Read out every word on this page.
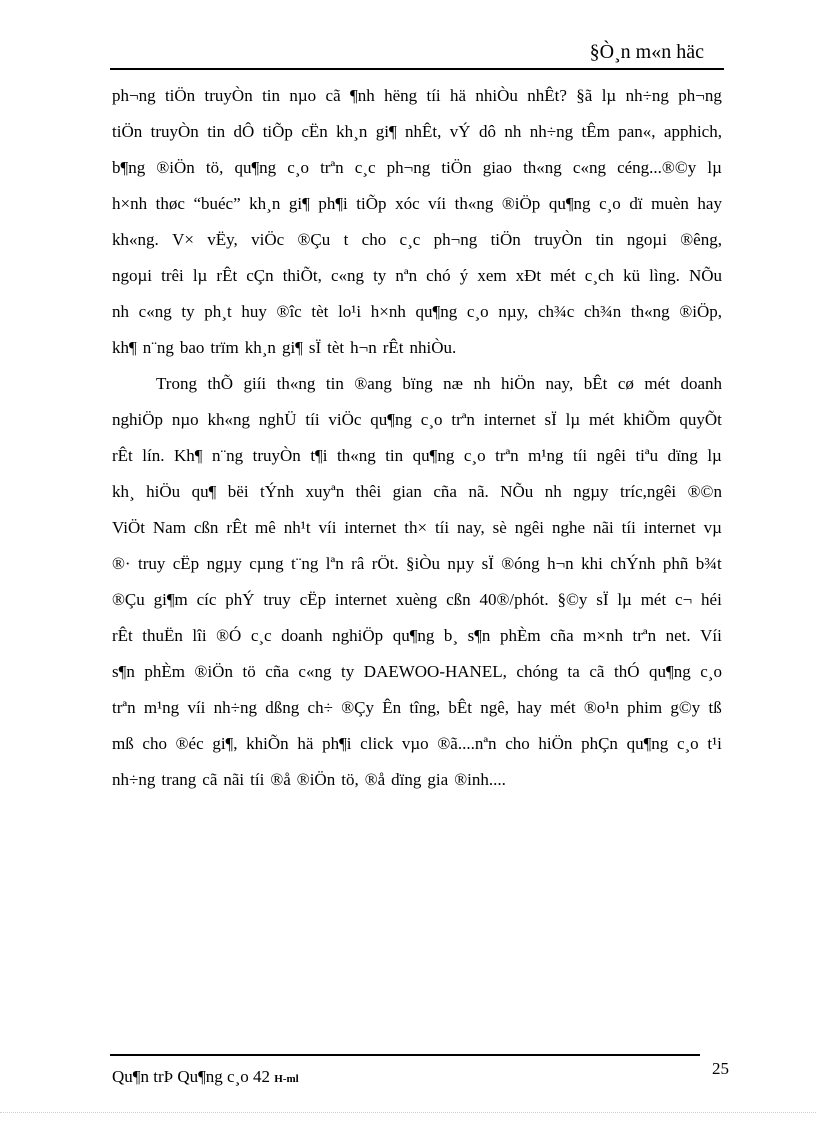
§Ò¸n m«n häc
ph¬ng tiÖn truyÒn tin nµo cã ¶nh hëng tíi hä nhiÒu nhÊt? §ã lµ nh÷ng ph¬ng
tiÖn truyÒn tin dÔ tiÕp cËn kh¸n gi¶ nhÊt, vÝ dô nh nh÷ng tÊm pan«, apphich,
b¶ng ®iÖn tö, qu¶ng c¸o trªn c¸c ph¬ng tiÖn giao th«ng c«ng céng...®©y lµ
h×nh thøc “buéc” kh¸n gi¶ ph¶i tiÕp xóc víi th«ng ®iÖp qu¶ng c¸o dï muèn hay
kh«ng. V× vËy, viÖc ®Çu t cho c¸c ph¬ng tiÖn truyÒn tin ngoµi ®êng,
ngoµi trêi lµ rÊt cÇn thiÕt, c«ng ty nªn chó ý xem xÐt mét c¸ch kü lìng. NÕu
nh c«ng ty ph¸t huy ®îc tèt lo¹i h×nh qu¶ng c¸o nµy, ch¾c ch¾n th«ng ®iÖp,
kh¶ n¨ng bao trïm kh¸n gi¶ sÏ tèt h¬n rÊt nhiÒu.
Trong thÕ giíi th«ng tin ®ang bïng næ nh hiÖn nay, bÊt cø mét doanh
nghiÖp nµo kh«ng nghÜ tíi viÖc qu¶ng c¸o trªn internet sÏ lµ mét khiÕm quyÕt
rÊt lín. Kh¶ n¨ng truyÒn t¶i th«ng tin qu¶ng c¸o trªn m¹ng tíi ngêi tiªu dïng lµ
kh¸ hiÖu qu¶ bëi tÝnh xuyªn thêi gian cña nã. NÕu nh ngµy tríc,ngêi ®©n
ViÖt Nam cßn rÊt mê nh¹t víi internet th× tíi nay, sè ngêi nghe nãi tíi internet vµ
®· truy cËp ngµy cµng t¨ng lªn râ rÖt. §iÒu nµy sÏ ®óng h¬n khi chÝnh phñ b¾t
®Çu gi¶m cíc phÝ truy cËp internet xuèng cßn 40®/phót. §©y sÏ lµ mét c¬ héi
rÊt thuËn lîi ®Ó c¸c doanh nghiÖp qu¶ng b¸ s¶n phÈm cña m×nh trªn net. Víi
s¶n phÈm ®iÖn tö cña c«ng ty DAEWOO-HANEL, chóng ta cã thÓ qu¶ng c¸o
trªn m¹ng víi nh÷ng dßng ch÷ ®Çy Ên tîng, bÊt ngê, hay mét ®o¹n phim g©y tß
mß cho ®éc gi¶, khiÕn hä ph¶i click vµo ®ã....nªn cho hiÖn phÇn qu¶ng c¸o t¹i
nh÷ng trang cã nãi tíi ®å ®iÖn tö, ®å dïng gia ®inh....
Qu¶n trÞ Qu¶ng c¸o 42 H-ml
25
